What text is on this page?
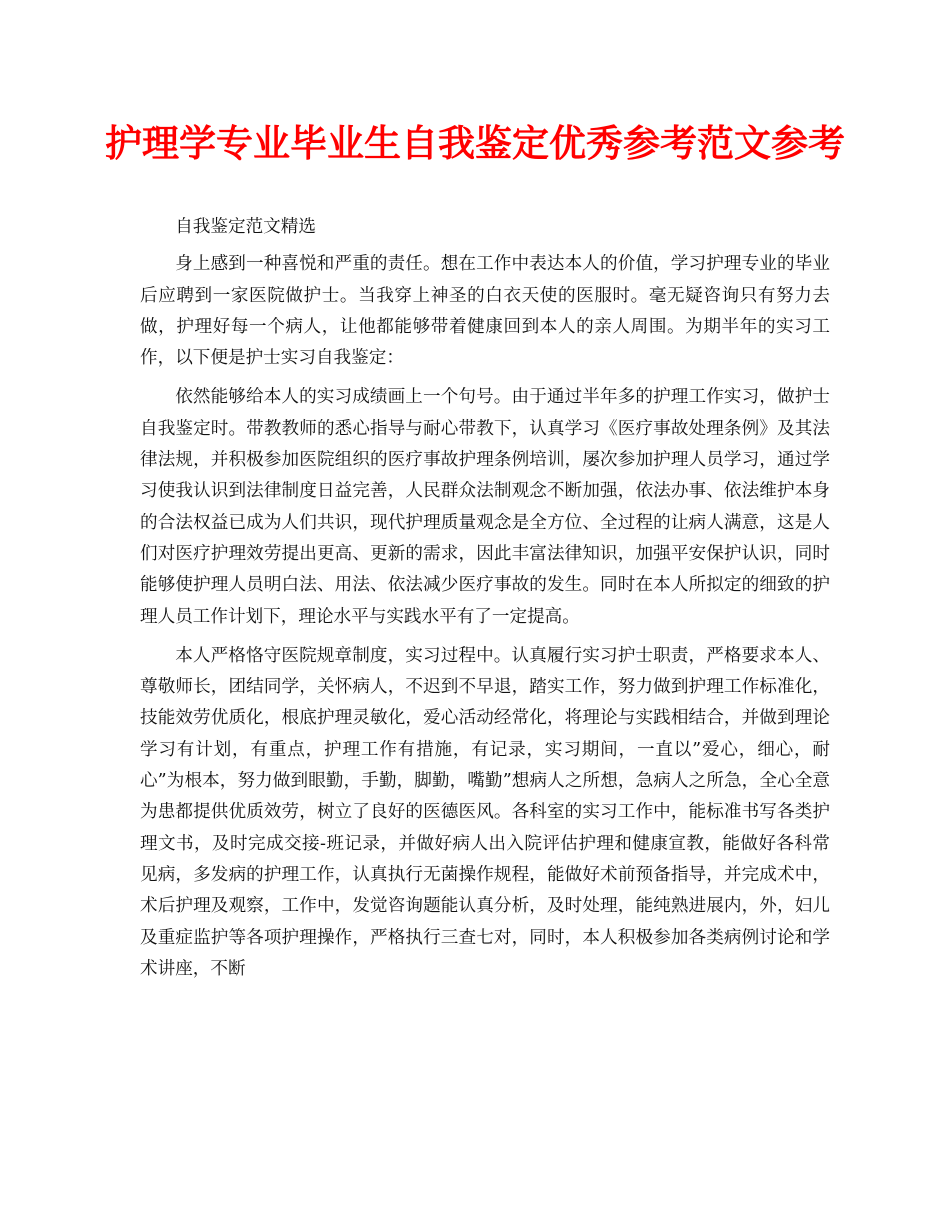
护理学专业毕业生自我鉴定优秀参考范文参考

自我鉴定范文精选

身上感到一种喜悦和严重的责任。想在工作中表达本人的价值，学习护理专业的毕业后应聘到一家医院做护士。当我穿上神圣的白衣天使的医服时。毫无疑咨询只有努力去做，护理好每一个病人，让他都能够带着健康回到本人的亲人周围。为期半年的实习工作，以下便是护士实习自我鉴定：

依然能够给本人的实习成绩画上一个句号。由于通过半年多的护理工作实习，做护士自我鉴定时。带教教师的悉心指导与耐心带教下，认真学习《医疗事故处理条例》及其法律法规，并积极参加医院组织的医疗事故护理条例培训，屡次参加护理人员学习，通过学习使我认识到法律制度日益完善，人民群众法制观念不断加强，依法办事、依法维护本身的合法权益已成为人们共识，现代护理质量观念是全方位、全过程的让病人满意，这是人们对医疗护理效劳提出更高、更新的需求，因此丰富法律知识，加强平安保护认识，同时能够使护理人员明白法、用法、依法减少医疗事故的发生。同时在本人所拟定的细致的护理人员工作计划下，理论水平与实践水平有了一定提高。

本人严格恪守医院规章制度，实习过程中。认真履行实习护士职责，严格要求本人、尊敬师长，团结同学，关怀病人，不迟到不早退，踏实工作，努力做到护理工作标准化，技能效劳优质化，根底护理灵敏化，爱心活动经常化，将理论与实践相结合，并做到理论学习有计划，有重点，护理工作有措施，有记录，实习期间，一直以”爱心，细心，耐心”为根本，努力做到眼勤，手勤，脚勤，嘴勤”想病人之所想，急病人之所急，全心全意为患都提供优质效劳，树立了良好的医德医风。各科室的实习工作中，能标准书写各类护理文书，及时完成交接-班记录，并做好病人出入院评估护理和健康宣教，能做好各科常见病，多发病的护理工作，认真执行无菌操作规程，能做好术前预备指导，并完成术中，术后护理及观察，工作中，发觉咨询题能认真分析，及时处理，能纯熟进展内，外，妇儿及重症监护等各项护理操作，严格执行三查七对，同时，本人积极参加各类病例讨论和学术讲座，不断
